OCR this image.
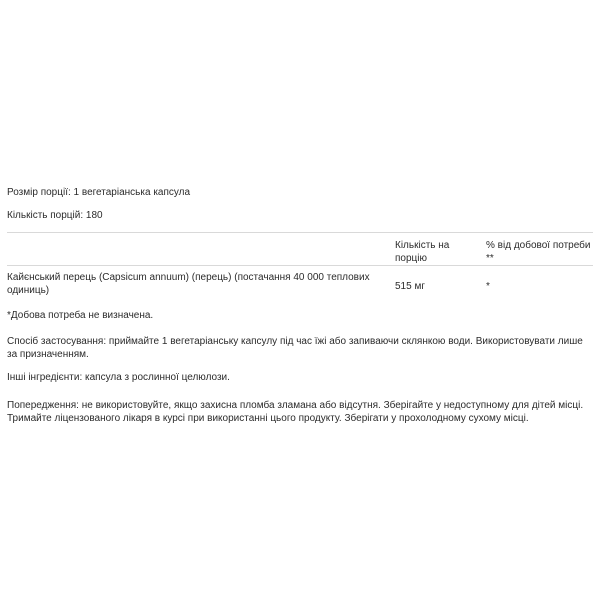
Розмір порції: 1 вегетаріанська капсула
Кількість порцій: 180
Кількість на порцію
% від добової потреби
**
Кайєнський перець (Capsicum annuum) (перець) (постачання 40 000 теплових одиниць)	515 мг	*

*Добова потреба не визначена.

Спосіб застосування: приймайте 1 вегетаріанську капсулу під час їжі або запиваючи склянкою води. Використовувати лише за призначенням.

Інші інгредієнти: капсула з рослинної целюлози.

Попередження: не використовуйте, якщо захисна пломба зламана або відсутня. Зберігайте у недоступному для дітей місці. Тримайте ліцензованого лікаря в курсі при використанні цього продукту. Зберігати у прохолодному сухому місці.
